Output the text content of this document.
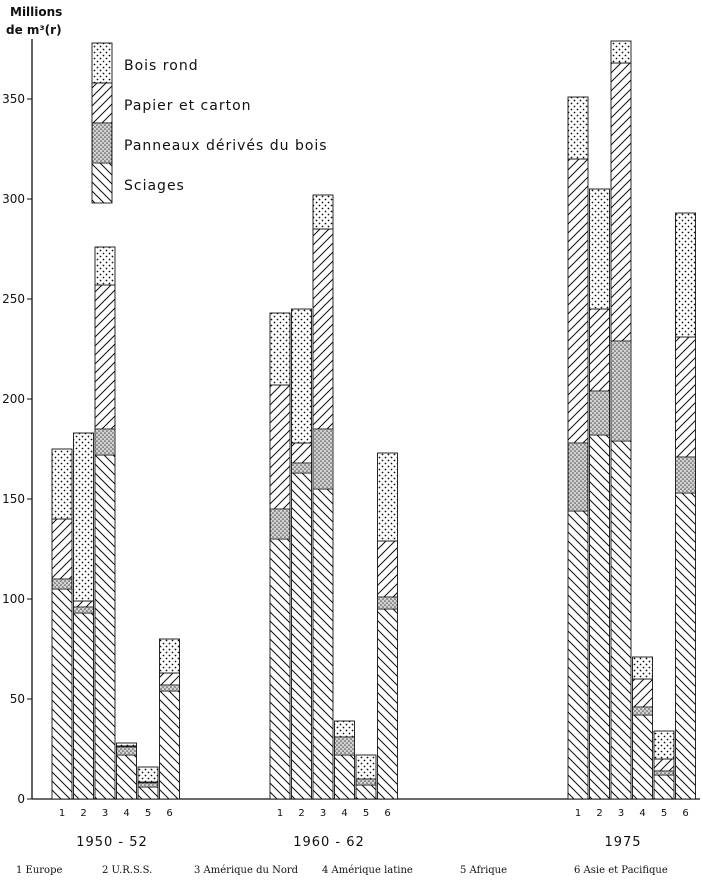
Millions
de m³(r)
0
50
100
150
200
250
300
350
Bois rond
Papier et carton
Panneaux dérivés du bois
Sciages
1 2 3 4 5 6
1950 - 52
1 2 3 4 5 6
1960 - 62
1 2 3 4 5 6
1975
1 Europe	2 U.R.S.S.	3 Amérique du Nord 4 Amérique latine	5 Afrique	6 Asie et Pacifique
